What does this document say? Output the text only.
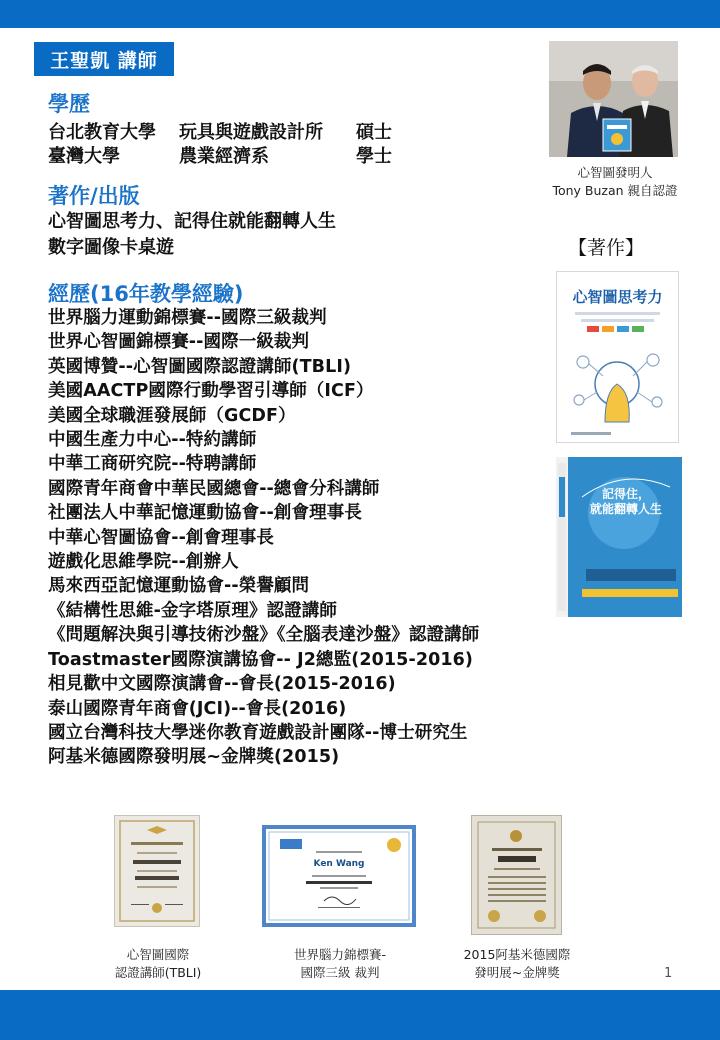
王聖凱 講師
學歷
台北教育大學 玩具與遊戲設計所 碩士
臺灣大學	農業經濟系	學士
著作/出版

心智圖思考力、記得住就能翻轉人生

數字圖像卡桌遊

經歷(16年教學經驗)
世界腦力運動錦標賽--國際三級裁判
世界心智圖錦標賽--國際一級裁判
英國博贊--心智圖國際認證講師(TBLI)
美國AACTP國際行動學習引導師（ICF）
美國全球職涯發展師（GCDF）
中國生產力中心--特約講師
中華工商研究院--特聘講師
國際青年商會中華民國總會--總會分科講師
社團法人中華記憶運動協會--創會理事長
中華心智圖協會--創會理事長
遊戲化思維學院--創辦人
馬來西亞記憶運動協會--榮譽顧問
《結構性思維-金字塔原理》認證講師
《問題解決與引導技術沙盤》《全腦表達沙盤》認證講師
Toastmaster國際演講協會-- J2總監(2015-2016)
相見歡中文國際演講會--會長(2015-2016)
泰山國際青年商會(JCI)--會長(2016)
國立台灣科技大學迷你教育遊戲設計團隊--博士研究生
阿基米德國際發明展~金牌獎(2015)
心智圖發明人
Tony Buzan 親自認證
【著作】
心智圖思考力
記得住，
就能翻轉人生
Ken Wang
心智圖國際
認證講師(TBLI)
世界腦力錦標賽-
國際三級 裁判
2015阿基米德國際
發明展~金牌獎	1
